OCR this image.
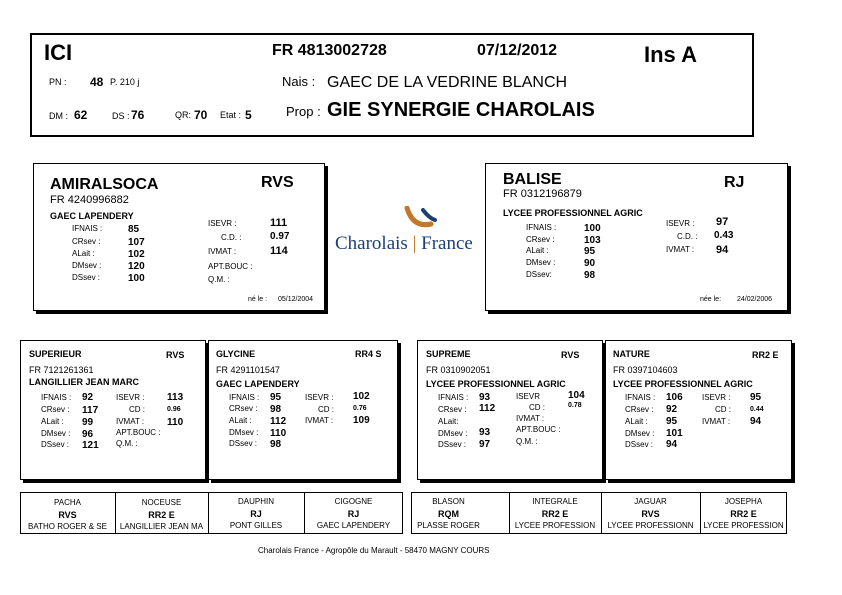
ICI	FR 4813002728	07/12/2012	Ins A
PN : 48 P. 210 j	Nais : GAEC DE LA VEDRINE BLANCH
DM : 62	DS : 76	QR: 70 Etat : 5	Prop : GIE SYNERGIE CHAROLAIS
AMIRALSOCA	RVS
FR 4240996882
GAEC LAPENDERY
IFNAIS :	85
CRsev :	107
ALait :	102
DMsev :	120
DSsev :	100
ISEVR :	111
C.D. :	0.97
IVMAT :	114
APT.BOUC :
Q.M. :
né le : 05/12/2004
Charolais | France
BALISE	RJ
FR 0312196879
LYCEE PROFESSIONNEL AGRIC
IFNAIS :	100
CRsev :	103
ALait :	95
DMsev :	90
DSsev:	98
ISEVR : 97
C.D. : 0.43
IVMAT : 94
née le: 24/02/2006
SUPERIEUR	RVS
FR 7121261361
LANGILLIER JEAN MARC
IFNAIS : 92
CRsev : 117
ALait : 99
DMsev : 96
DSsev : 121
ISEVR : 113
CD :	0.96
IVMAT : 110
APT.BOUC :
Q.M. :
GLYCINE	RR4 S
FR 4291101547
GAEC LAPENDERY
IFNAIS : 95
CRsev : 98
ALait : 112
DMsev : 110
DSsev : 98
ISEVR : 102
CD :	0.76
IVMAT : 109
SUPREME	RVS
FR 0310902051
LYCEE PROFESSIONNEL AGRIC
IFNAIS : 93
CRsev : 112
ALait:
DMsev : 93
DSsev : 97
ISEVR	104
CD :	0.78
IVMAT :
APT.BOUC :
Q.M. :
NATURE	RR2 E
FR 0397104603
LYCEE PROFESSIONNEL AGRIC
IFNAIS : 106
CRsev : 92
ALait : 95
DMsev : 101
DSsev : 94
ISEVR : 95
CD :	0.44
IVMAT : 94
PACHA
RVS
BATHO ROGER & SE
NOCEUSE
RR2 E
LANGILLIER JEAN MA
DAUPHIN
RJ
PONT GILLES
CIGOGNE
RJ
GAEC LAPENDERY
BLASON
RQM
PLASSE ROGER
INTEGRALE
RR2 E
LYCEE PROFESSION
JAGUAR
RVS
LYCEE PROFESSIONN
JOSEPHA
RR2 E
LYCEE PROFESSION
Charolais France - Agropôle du Marault - 58470 MAGNY COURS
